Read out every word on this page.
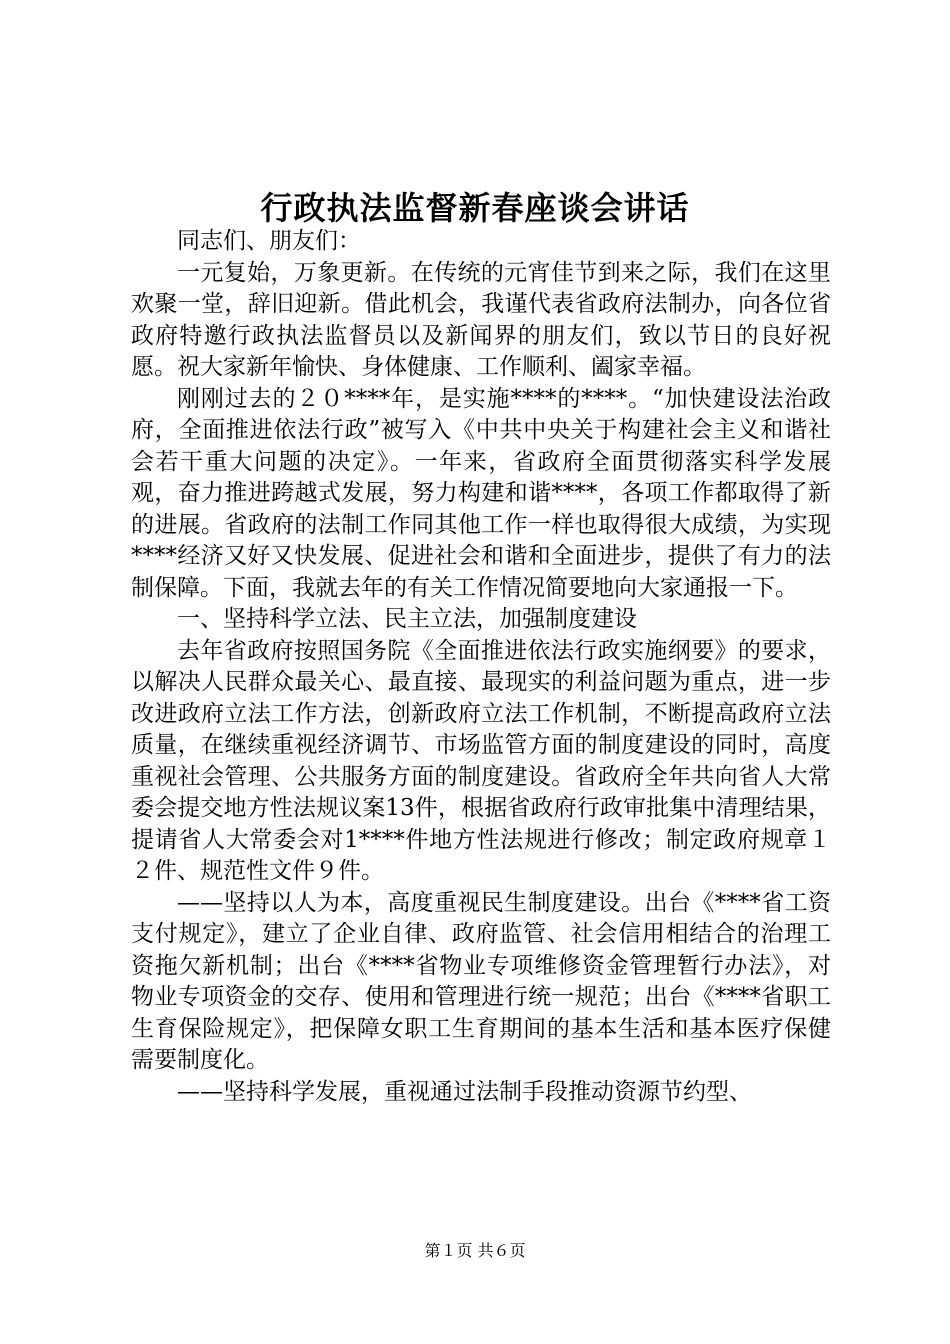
行政执法监督新春座谈会讲话

同志们、朋友们：

一元复始，万象更新。在传统的元宵佳节到来之际，我们在这里欢聚一堂，辞旧迎新。借此机会，我谨代表省政府法制办，向各位省政府特邀行政执法监督员以及新闻界的朋友们，致以节日的良好祝愿。祝大家新年愉快、身体健康、工作顺利、阖家幸福。

刚刚过去的２０****年，是实施****的****。“加快建设法治政府，全面推进依法行政”被写入《中共中央关于构建社会主义和谐社会若干重大问题的决定》。一年来，省政府全面贯彻落实科学发展观，奋力推进跨越式发展，努力构建和谐****，各项工作都取得了新的进展。省政府的法制工作同其他工作一样也取得很大成绩，为实现****经济又好又快发展、促进社会和谐和全面进步，提供了有力的法制保障。下面，我就去年的有关工作情况简要地向大家通报一下。

一、坚持科学立法、民主立法，加强制度建设

去年省政府按照国务院《全面推进依法行政实施纲要》的要求，以解决人民群众最关心、最直接、最现实的利益问题为重点，进一步改进政府立法工作方法，创新政府立法工作机制，不断提高政府立法质量，在继续重视经济调节、市场监管方面的制度建设的同时，高度重视社会管理、公共服务方面的制度建设。省政府全年共向省人大常委会提交地方性法规议案13件，根据省政府行政审批集中清理结果，提请省人大常委会对1****件地方性法规进行修改；制定政府规章１２件、规范性文件９件。

——坚持以人为本，高度重视民生制度建设。出台《****省工资支付规定》，建立了企业自律、政府监管、社会信用相结合的治理工资拖欠新机制；出台《****省物业专项维修资金管理暂行办法》，对物业专项资金的交存、使用和管理进行统一规范；出台《****省职工生育保险规定》，把保障女职工生育期间的基本生活和基本医疗保健需要制度化。

——坚持科学发展，重视通过法制手段推动资源节约型、

第１页 共６页
